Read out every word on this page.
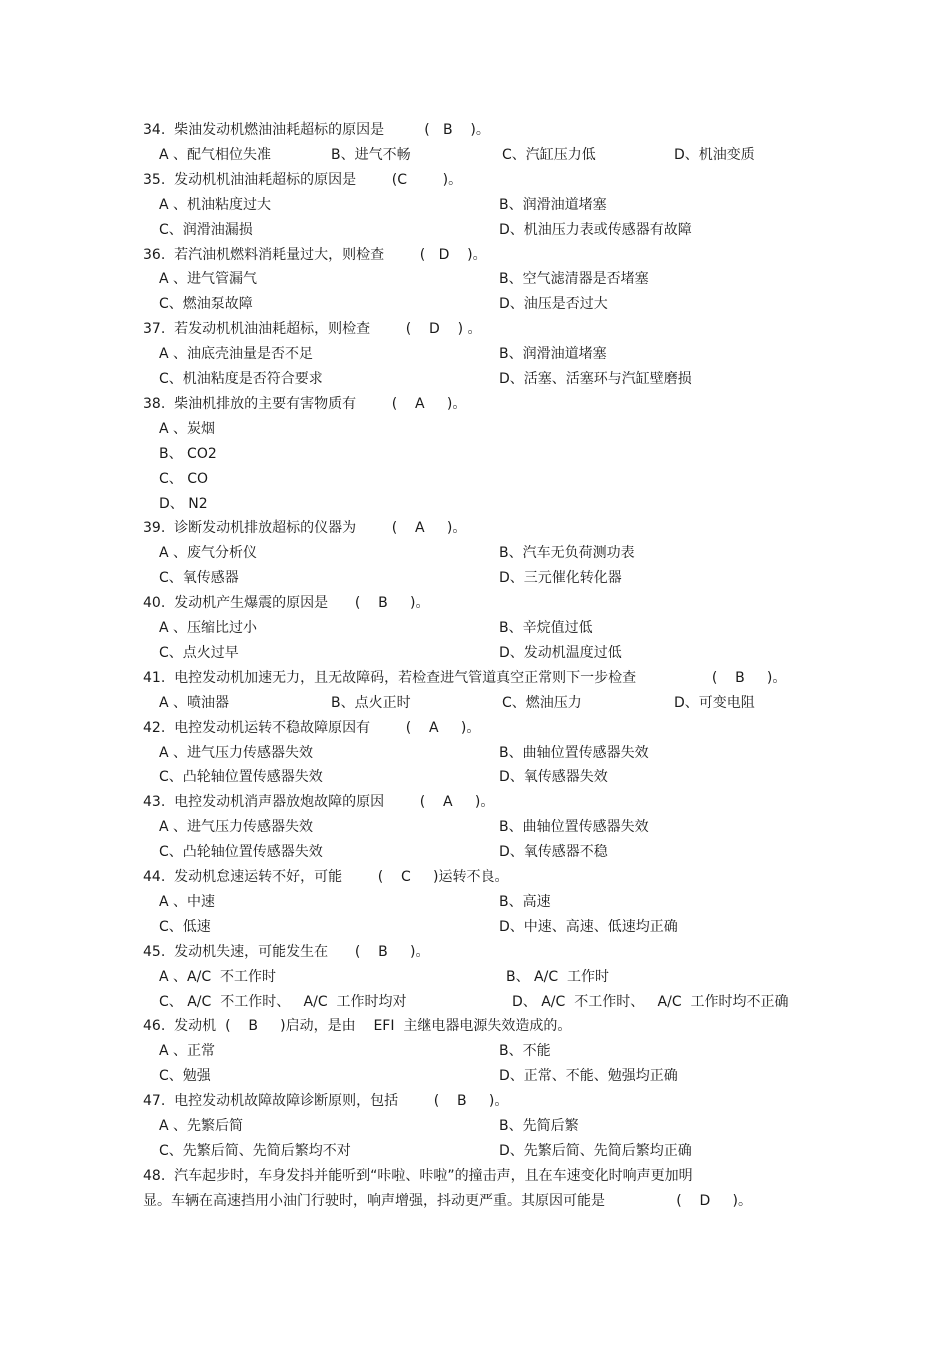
34.  柴油发动机燃油油耗超标的原因是         (   B    )。
A 、配气相位失准	B、进气不畅	C、汽缸压力低	D、机油变质
35.  发动机机油油耗超标的原因是        (C        )。
A 、机油粘度过大	B、润滑油道堵塞
C、润滑油漏损	D、机油压力表或传感器有故障
36.  若汽油机燃料消耗量过大，则检查        (   D    )。
A 、进气管漏气	B、空气滤清器是否堵塞
C、燃油泵故障	D、油压是否过大
37.  若发动机机油油耗超标，则检查        (    D    ) 。
A 、油底壳油量是否不足	B、润滑油道堵塞
C、机油粘度是否符合要求	D、活塞、活塞环与汽缸壁磨损
38.  柴油机排放的主要有害物质有        (    A     )。
A 、炭烟
B、 CO2
C、 CO
D、 N2
39.  诊断发动机排放超标的仪器为        (    A     )。
A 、废气分析仪	B、汽车无负荷测功表
C、氧传感器	D、三元催化转化器
40.  发动机产生爆震的原因是      (    B     )。
A 、压缩比过小	B、辛烷值过低
C、点火过早	D、发动机温度过低
41.  电控发动机加速无力，且无故障码，若检查进气管道真空正常则下一步检查                 (    B     )。
A 、喷油器	B、点火正时	C、燃油压力	D、可变电阻
42.  电控发动机运转不稳故障原因有        (    A     )。
A 、进气压力传感器失效	B、曲轴位置传感器失效
C、凸轮轴位置传感器失效	D、氧传感器失效
43.  电控发动机消声器放炮故障的原因        (    A     )。
A 、进气压力传感器失效	B、曲轴位置传感器失效
C、凸轮轴位置传感器失效	D、氧传感器不稳
44.  发动机怠速运转不好，可能        (    C     )运转不良。
A 、中速	B、高速
C、低速	D、中速、高速、低速均正确
45.  发动机失速，可能发生在      (    B     )。
A 、A/C  不工作时	B、 A/C  工作时
C、 A/C  不工作时、   A/C  工作时均对	D、 A/C  不工作时、   A/C  工作时均不正确
46.  发动机  (    B     )启动，是由    EFI  主继电器电源失效造成的。
A 、正常	B、不能
C、勉强	D、正常、不能、勉强均正确
47.  电控发动机故障故障诊断原则，包括        (    B     )。
A 、先繁后简	B、先简后繁
C、先繁后简、先简后繁均不对	D、先繁后简、先简后繁均正确
48.  汽车起步时，车身发抖并能听到“咔啦、咔啦”的撞击声，且在车速变化时响声更加明
显。车辆在高速挡用小油门行驶时，响声增强，抖动更严重。其原因可能是                (    D     )。
